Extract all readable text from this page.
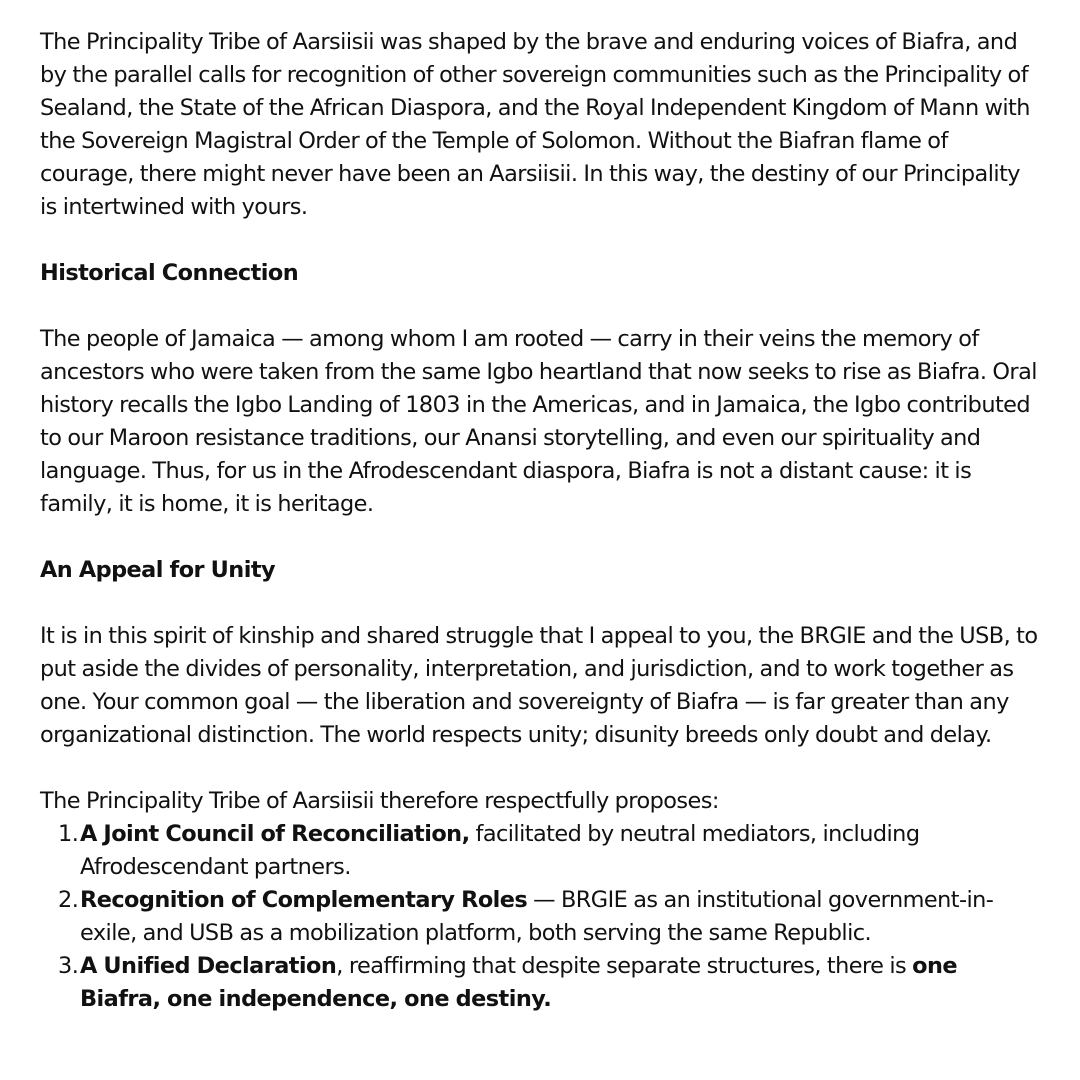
The Principality Tribe of Aarsiisii was shaped by the brave and enduring voices of Biafra, and by the parallel calls for recognition of other sovereign communities such as the Principality of Sealand, the State of the African Diaspora, and the Royal Independent Kingdom of Mann with the Sovereign Magistral Order of the Temple of Solomon. Without the Biafran flame of courage, there might never have been an Aarsiisii. In this way, the destiny of our Principality is intertwined with yours.

Historical Connection

The people of Jamaica — among whom I am rooted — carry in their veins the memory of ancestors who were taken from the same Igbo heartland that now seeks to rise as Biafra. Oral history recalls the Igbo Landing of 1803 in the Americas, and in Jamaica, the Igbo contributed to our Maroon resistance traditions, our Anansi storytelling, and even our spirituality and language. Thus, for us in the Afrodescendant diaspora, Biafra is not a distant cause: it is family, it is home, it is heritage.

An Appeal for Unity

It is in this spirit of kinship and shared struggle that I appeal to you, the BRGIE and the USB, to put aside the divides of personality, interpretation, and jurisdiction, and to work together as one. Your common goal — the liberation and sovereignty of Biafra — is far greater than any organizational distinction. The world respects unity; disunity breeds only doubt and delay.

The Principality Tribe of Aarsiisii therefore respectfully proposes:

1. A Joint Council of Reconciliation, facilitated by neutral mediators, including Afrodescendant partners.
2. Recognition of Complementary Roles — BRGIE as an institutional government-in-exile, and USB as a mobilization platform, both serving the same Republic.
3. A Unified Declaration, reaffirming that despite separate structures, there is one Biafra, one independence, one destiny.
